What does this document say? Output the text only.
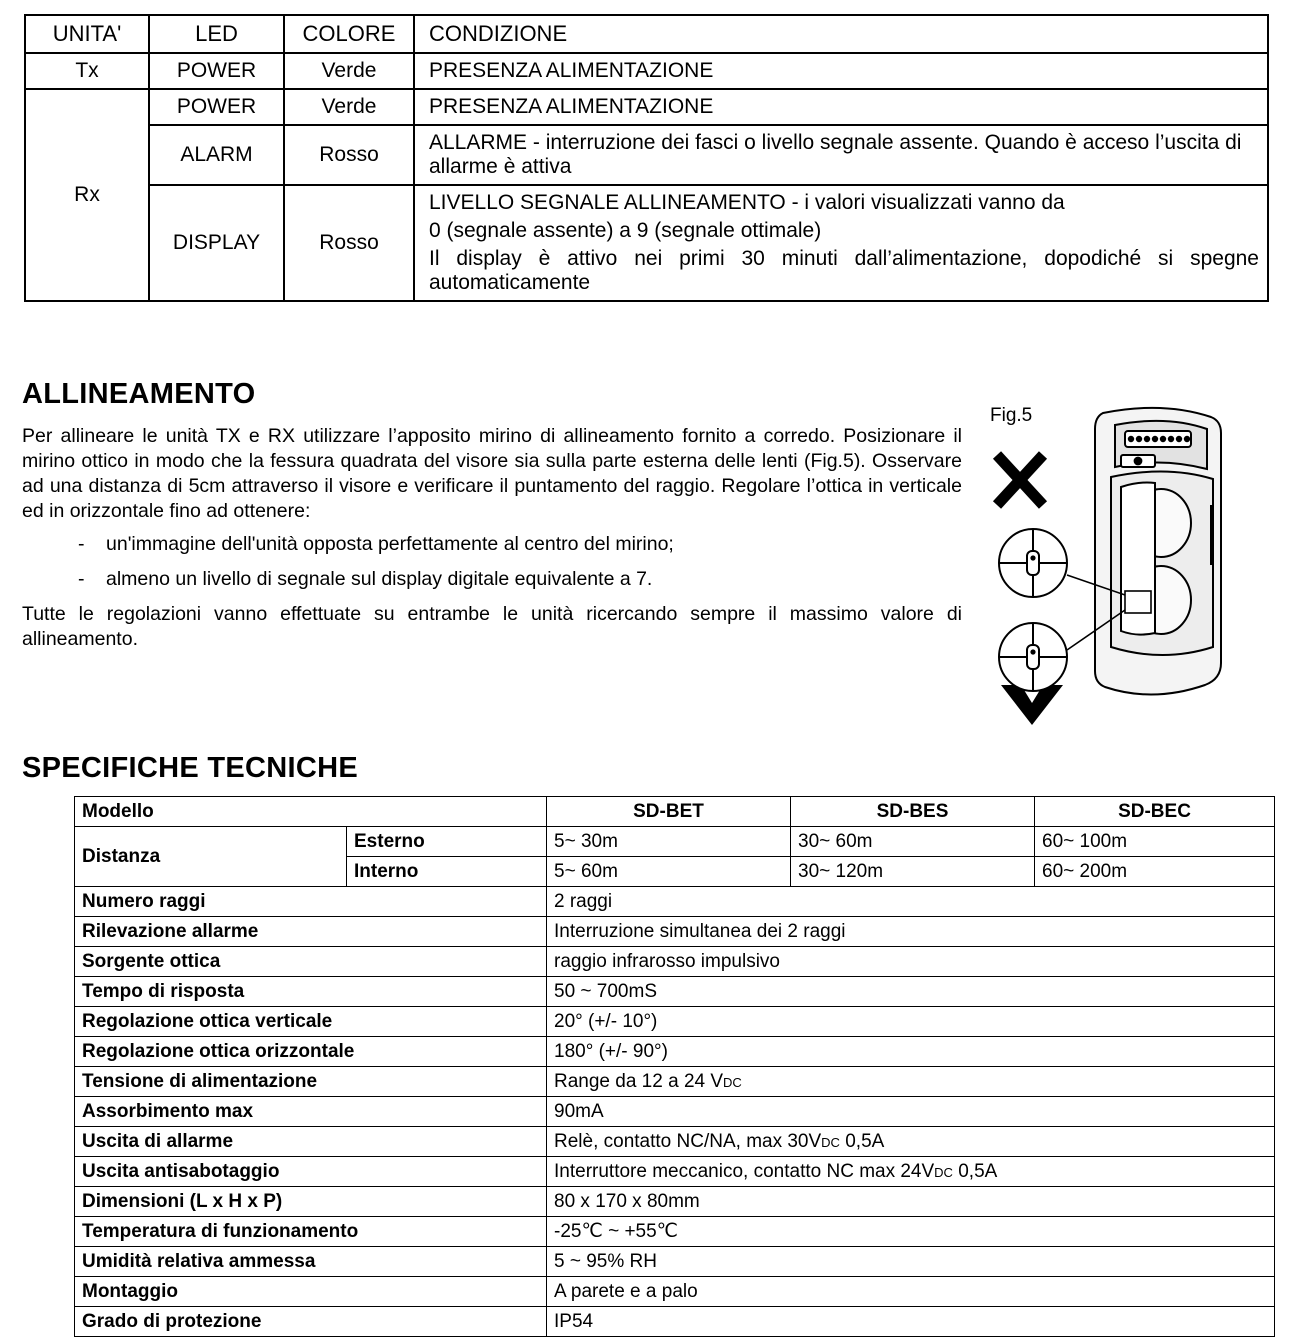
UNITA'	LED	COLORE	CONDIZIONE
Tx	POWER	Verde	PRESENZA ALIMENTAZIONE
Rx	POWER	Verde	PRESENZA ALIMENTAZIONE
	ALARM	Rosso	ALLARME - interruzione dei fasci o livello segnale assente. Quando è acceso l’uscita di allarme è attiva
	DISPLAY	Rosso	LIVELLO SEGNALE ALLINEAMENTO - i valori visualizzati vanno da

0 (segnale assente) a 9 (segnale ottimale)

Il display è attivo nei primi 30 minuti dall’alimentazione, dopodiché si spegne automaticamente

ALLINEAMENTO

Per allineare le unità TX e RX utilizzare l’apposito mirino di allineamento fornito a corredo. Posizionare il mirino ottico in modo che la fessura quadrata del visore sia sulla parte esterna delle lenti (Fig.5). Osservare ad una distanza di 5cm attraverso il visore e verificare il puntamento del raggio. Regolare l’ottica in verticale ed in orizzontale fino ad ottenere:

- un'immagine dell'unità opposta perfettamente al centro del mirino;
- almeno un livello di segnale sul display digitale equivalente a 7.

Tutte le regolazioni vanno effettuate su entrambe le unità ricercando sempre il massimo valore di allineamento.

Fig.5
SPECIFICHE TECNICHE
Modello		SD-BET	SD-BES	SD-BEC
Distanza	Esterno	5~ 30m	30~ 60m	60~ 100m
	Interno	5~ 60m	30~ 120m	60~ 200m
Numero raggi		2 raggi		
Rilevazione allarme		Interruzione simultanea dei 2 raggi		
Sorgente ottica		raggio infrarosso impulsivo		
Tempo di risposta		50 ~ 700mS		
Regolazione ottica verticale		20° (+/- 10°)		
Regolazione ottica orizzontale		180° (+/- 90°)		
Tensione di alimentazione		Range da 12 a 24 VDC		
Assorbimento max		90mA		
Uscita di allarme		Relè, contatto NC/NA, max 30VDC 0,5A		
Uscita antisabotaggio		Interruttore meccanico, contatto NC max 24VDC 0,5A		
Dimensioni (L x H x P)		80 x 170 x 80mm		
Temperatura di funzionamento		-25℃ ~ +55℃		
Umidità relativa ammessa		5 ~ 95% RH		
Montaggio		A parete e a palo		
Grado di protezione		IP54		
